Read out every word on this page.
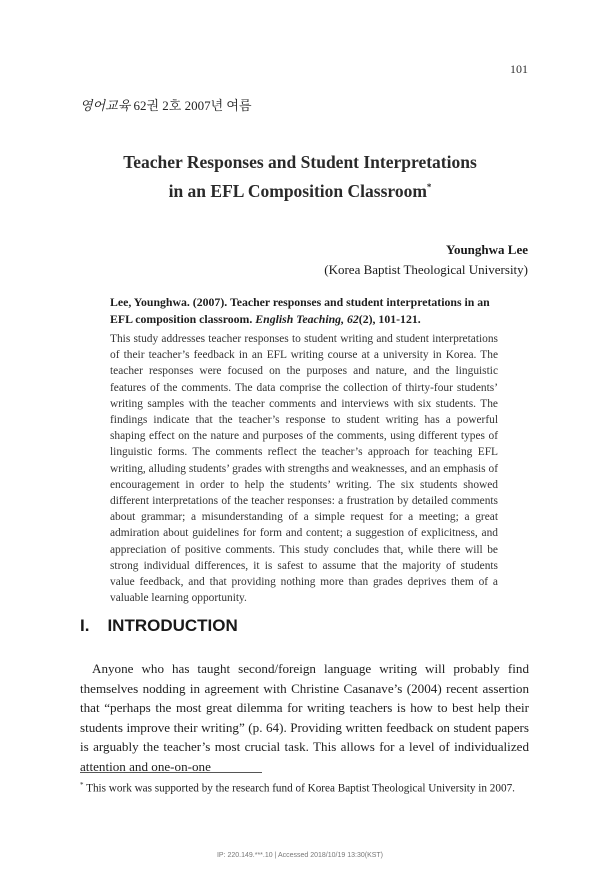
101
영어교육 62권 2호 2007년 여름
Teacher Responses and Student Interpretations
in an EFL Composition Classroom*
Younghwa Lee
(Korea Baptist Theological University)
Lee, Younghwa. (2007). Teacher responses and student interpretations in an EFL composition classroom. English Teaching, 62(2), 101-121.
This study addresses teacher responses to student writing and student interpretations of their teacher’s feedback in an EFL writing course at a university in Korea. The teacher responses were focused on the purposes and nature, and the linguistic features of the comments. The data comprise the collection of thirty-four students’ writing samples with the teacher comments and interviews with six students. The findings indicate that the teacher’s response to student writing has a powerful shaping effect on the nature and purposes of the comments, using different types of linguistic forms. The comments reflect the teacher’s approach for teaching EFL writing, alluding students’ grades with strengths and weaknesses, and an emphasis of encouragement in order to help the students’ writing. The six students showed different interpretations of the teacher responses: a frustration by detailed comments about grammar; a misunderstanding of a simple request for a meeting; a great admiration about guidelines for form and content; a suggestion of explicitness, and appreciation of positive comments. This study concludes that, while there will be strong individual differences, it is safest to assume that the majority of students value feedback, and that providing nothing more than grades deprives them of a valuable learning opportunity.
I. INTRODUCTION
Anyone who has taught second/foreign language writing will probably find themselves nodding in agreement with Christine Casanave’s (2004) recent assertion that “perhaps the most great dilemma for writing teachers is how to best help their students improve their writing” (p. 64). Providing written feedback on student papers is arguably the teacher’s most crucial task. This allows for a level of individualized attention and one-on-one
* This work was supported by the research fund of Korea Baptist Theological University in 2007.
IP: 220.149.***.10 | Accessed 2018/10/19 13:30(KST)
